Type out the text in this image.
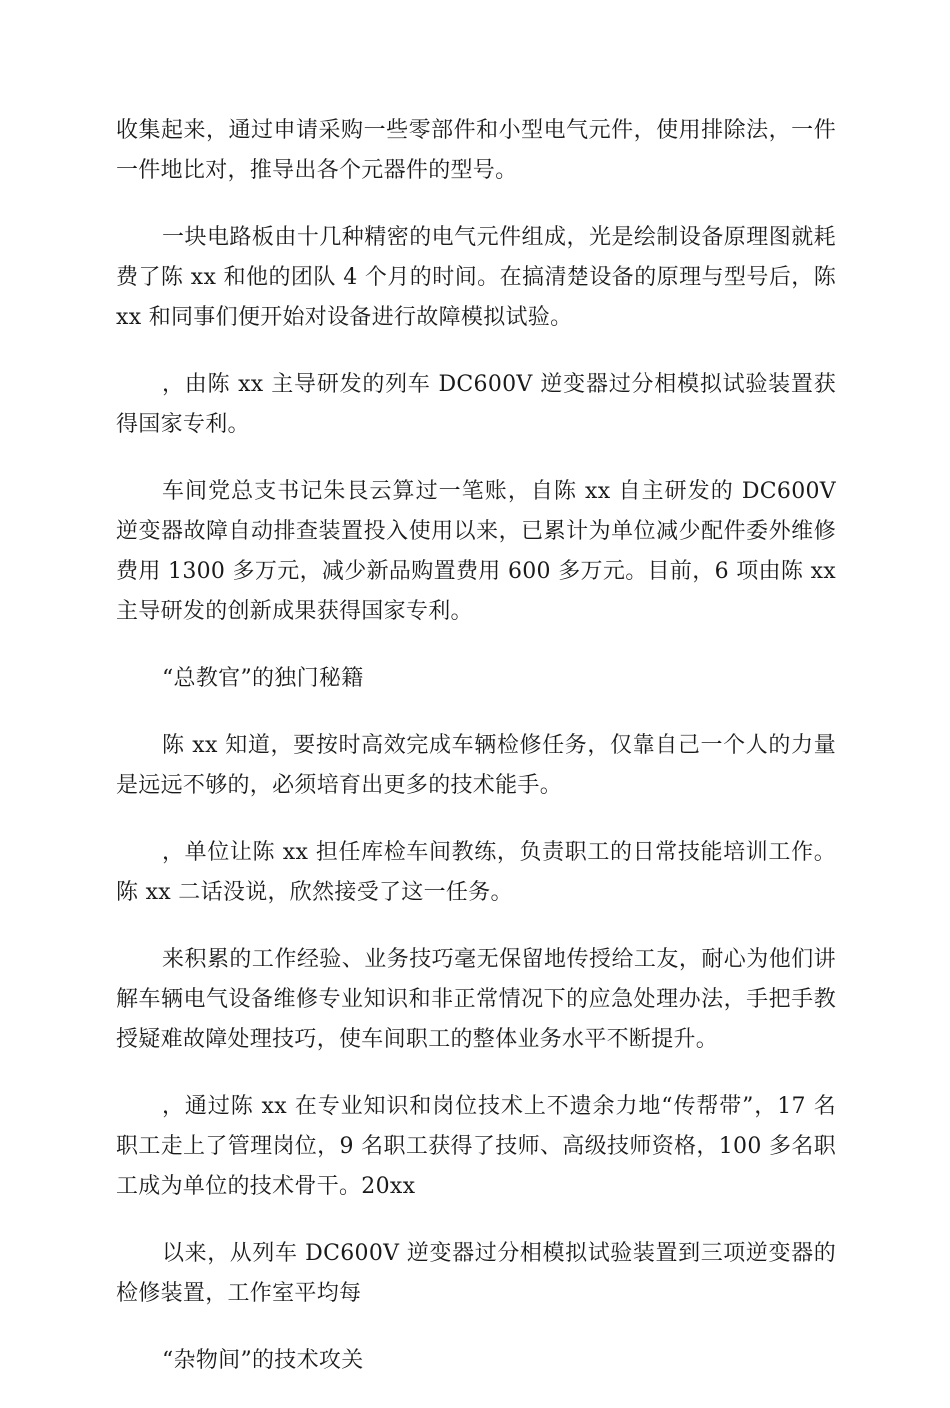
收集起来，通过申请采购一些零部件和小型电气元件，使用排除法，一件一件地比对，推导出各个元器件的型号。

一块电路板由十几种精密的电气元件组成，光是绘制设备原理图就耗费了陈 xx 和他的团队 4 个月的时间。在搞清楚设备的原理与型号后，陈 xx 和同事们便开始对设备进行故障模拟试验。

，由陈 xx 主导研发的列车 DC600V 逆变器过分相模拟试验装置获得国家专利。

车间党总支书记朱艮云算过一笔账，自陈 xx 自主研发的 DC600V 逆变器故障自动排查装置投入使用以来，已累计为单位减少配件委外维修费用 1300 多万元，减少新品购置费用 600 多万元。目前，6 项由陈 xx 主导研发的创新成果获得国家专利。

“总教官”的独门秘籍

陈 xx 知道，要按时高效完成车辆检修任务，仅靠自己一个人的力量是远远不够的，必须培育出更多的技术能手。

，单位让陈 xx 担任库检车间教练，负责职工的日常技能培训工作。陈 xx 二话没说，欣然接受了这一任务。

来积累的工作经验、业务技巧毫无保留地传授给工友，耐心为他们讲解车辆电气设备维修专业知识和非正常情况下的应急处理办法，手把手教授疑难故障处理技巧，使车间职工的整体业务水平不断提升。

，通过陈 xx 在专业知识和岗位技术上不遗余力地“传帮带”，17 名职工走上了管理岗位，9 名职工获得了技师、高级技师资格，100 多名职工成为单位的技术骨干。20xx

以来，从列车 DC600V 逆变器过分相模拟试验装置到三项逆变器的检修装置，工作室平均每

“杂物间”的技术攻关
